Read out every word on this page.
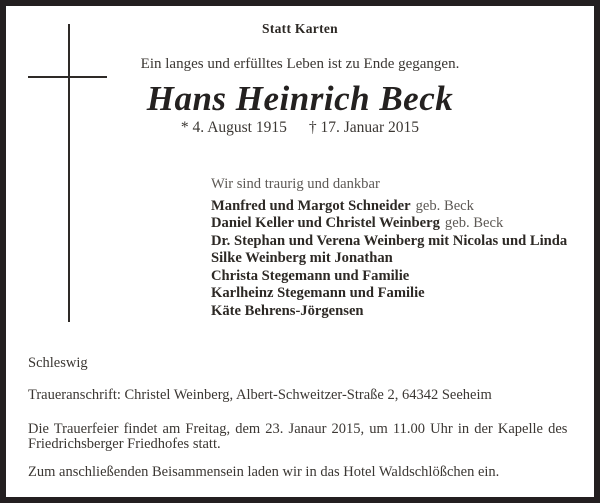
Statt Karten
Ein langes und erfülltes Leben ist zu Ende gegangen.
Hans Heinrich Beck
* 4. August 1915 † 17. Januar 2015
Wir sind traurig und dankbar
Manfred und Margot Schneider geb. Beck
Daniel Keller und Christel Weinberg geb. Beck
Dr. Stephan und Verena Weinberg mit Nicolas und Linda
Silke Weinberg mit Jonathan
Christa Stegemann und Familie
Karlheinz Stegemann und Familie
Käte Behrens-Jörgensen
Schleswig
Traueranschrift: Christel Weinberg, Albert-Schweitzer-Straße 2, 64342 Seeheim
Die Trauerfeier findet am Freitag, dem 23. Janaur 2015, um 11.00 Uhr in der Kapelle des
Friedrichsberger Friedhofes statt.
Zum anschließenden Beisammensein laden wir in das Hotel Waldschlößchen ein.
